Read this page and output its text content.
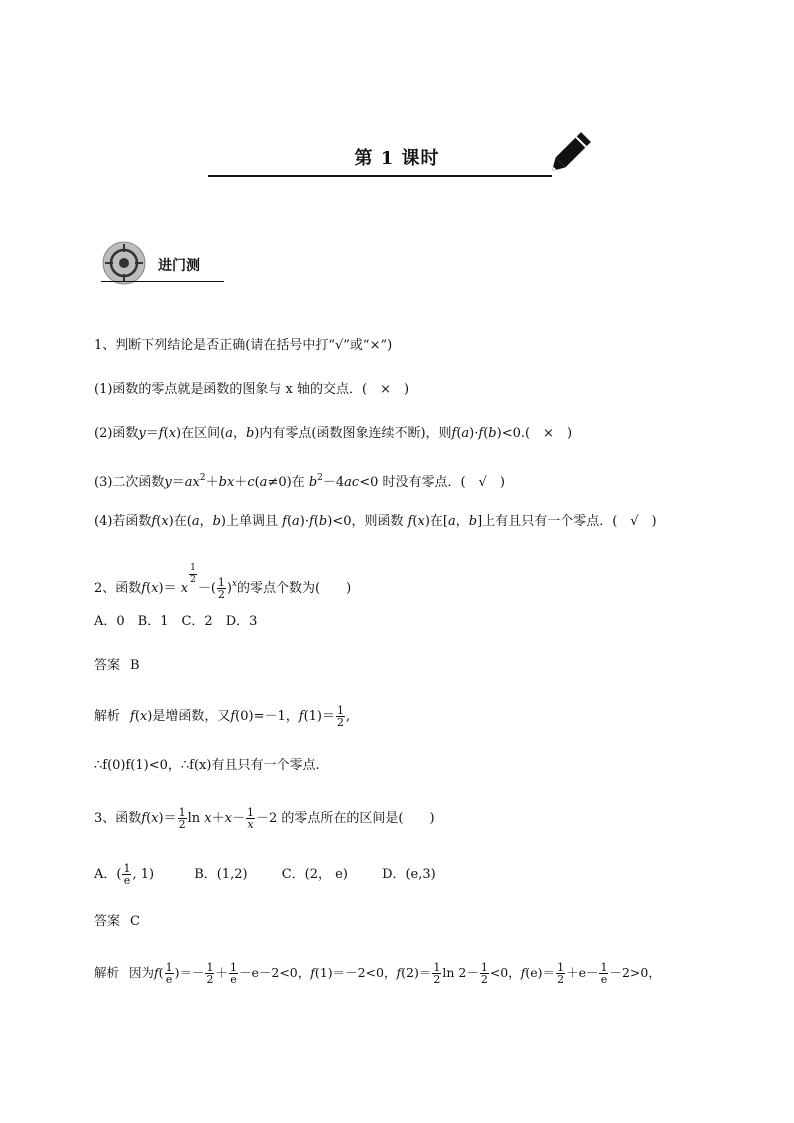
第 1 课时
进门测
1、判断下列结论是否正确(请在括号中打“√”或“×”)
(1)函数的零点就是函数的图象与 x 轴的交点．(　×　)
(2)函数y＝f(x)在区间(a，b)内有零点(函数图象连续不断)，则f(a)·f(b)<0.(　×　)
(3)二次函数$y=ax^2+bx+c(a\ne 0)$在 $b^2-4ac<0$ 时没有零点．(　√　)
(4)若函数f(x)在(a，b)上单调且 f(a)·f(b)<0，则函数 f(x)在[a，b]上有且只有一个零点．(　√　)
2、函数f(x)＝ x
$\frac{1}{2}$
－( $\frac{1}{2} )^x$的零点个数为(　　)
A．0　B．1　C．2　D．3
答案 B
解析 f(x)是增函数，又f(0)=－1，$f(1)= \frac{1}{2}$ ,
∴f(0)f(1)<0，∴f(x)有且只有一个零点.
3、函数$f(x)= \frac{1}{2}$ $\ln x+x- \frac{1}{x} -2$ 的零点所在的区间是(　　)
A．( $\frac{1}{e}$ , 1)	B．(1,2)	C．(2， e)	D．(e,3)
答案 C
解析 因为$f( \frac{1}{e}$ )＝－ $\frac{1}{2} + \frac{1}{e} -e-2<0$，f(1)＝－2<0，$f(2)= \frac{1}{2}$ $\ln 2- \frac{1}{2} <0$，$f(e)= \frac{1}{2} +e- \frac{1}{e} -2>0$，
